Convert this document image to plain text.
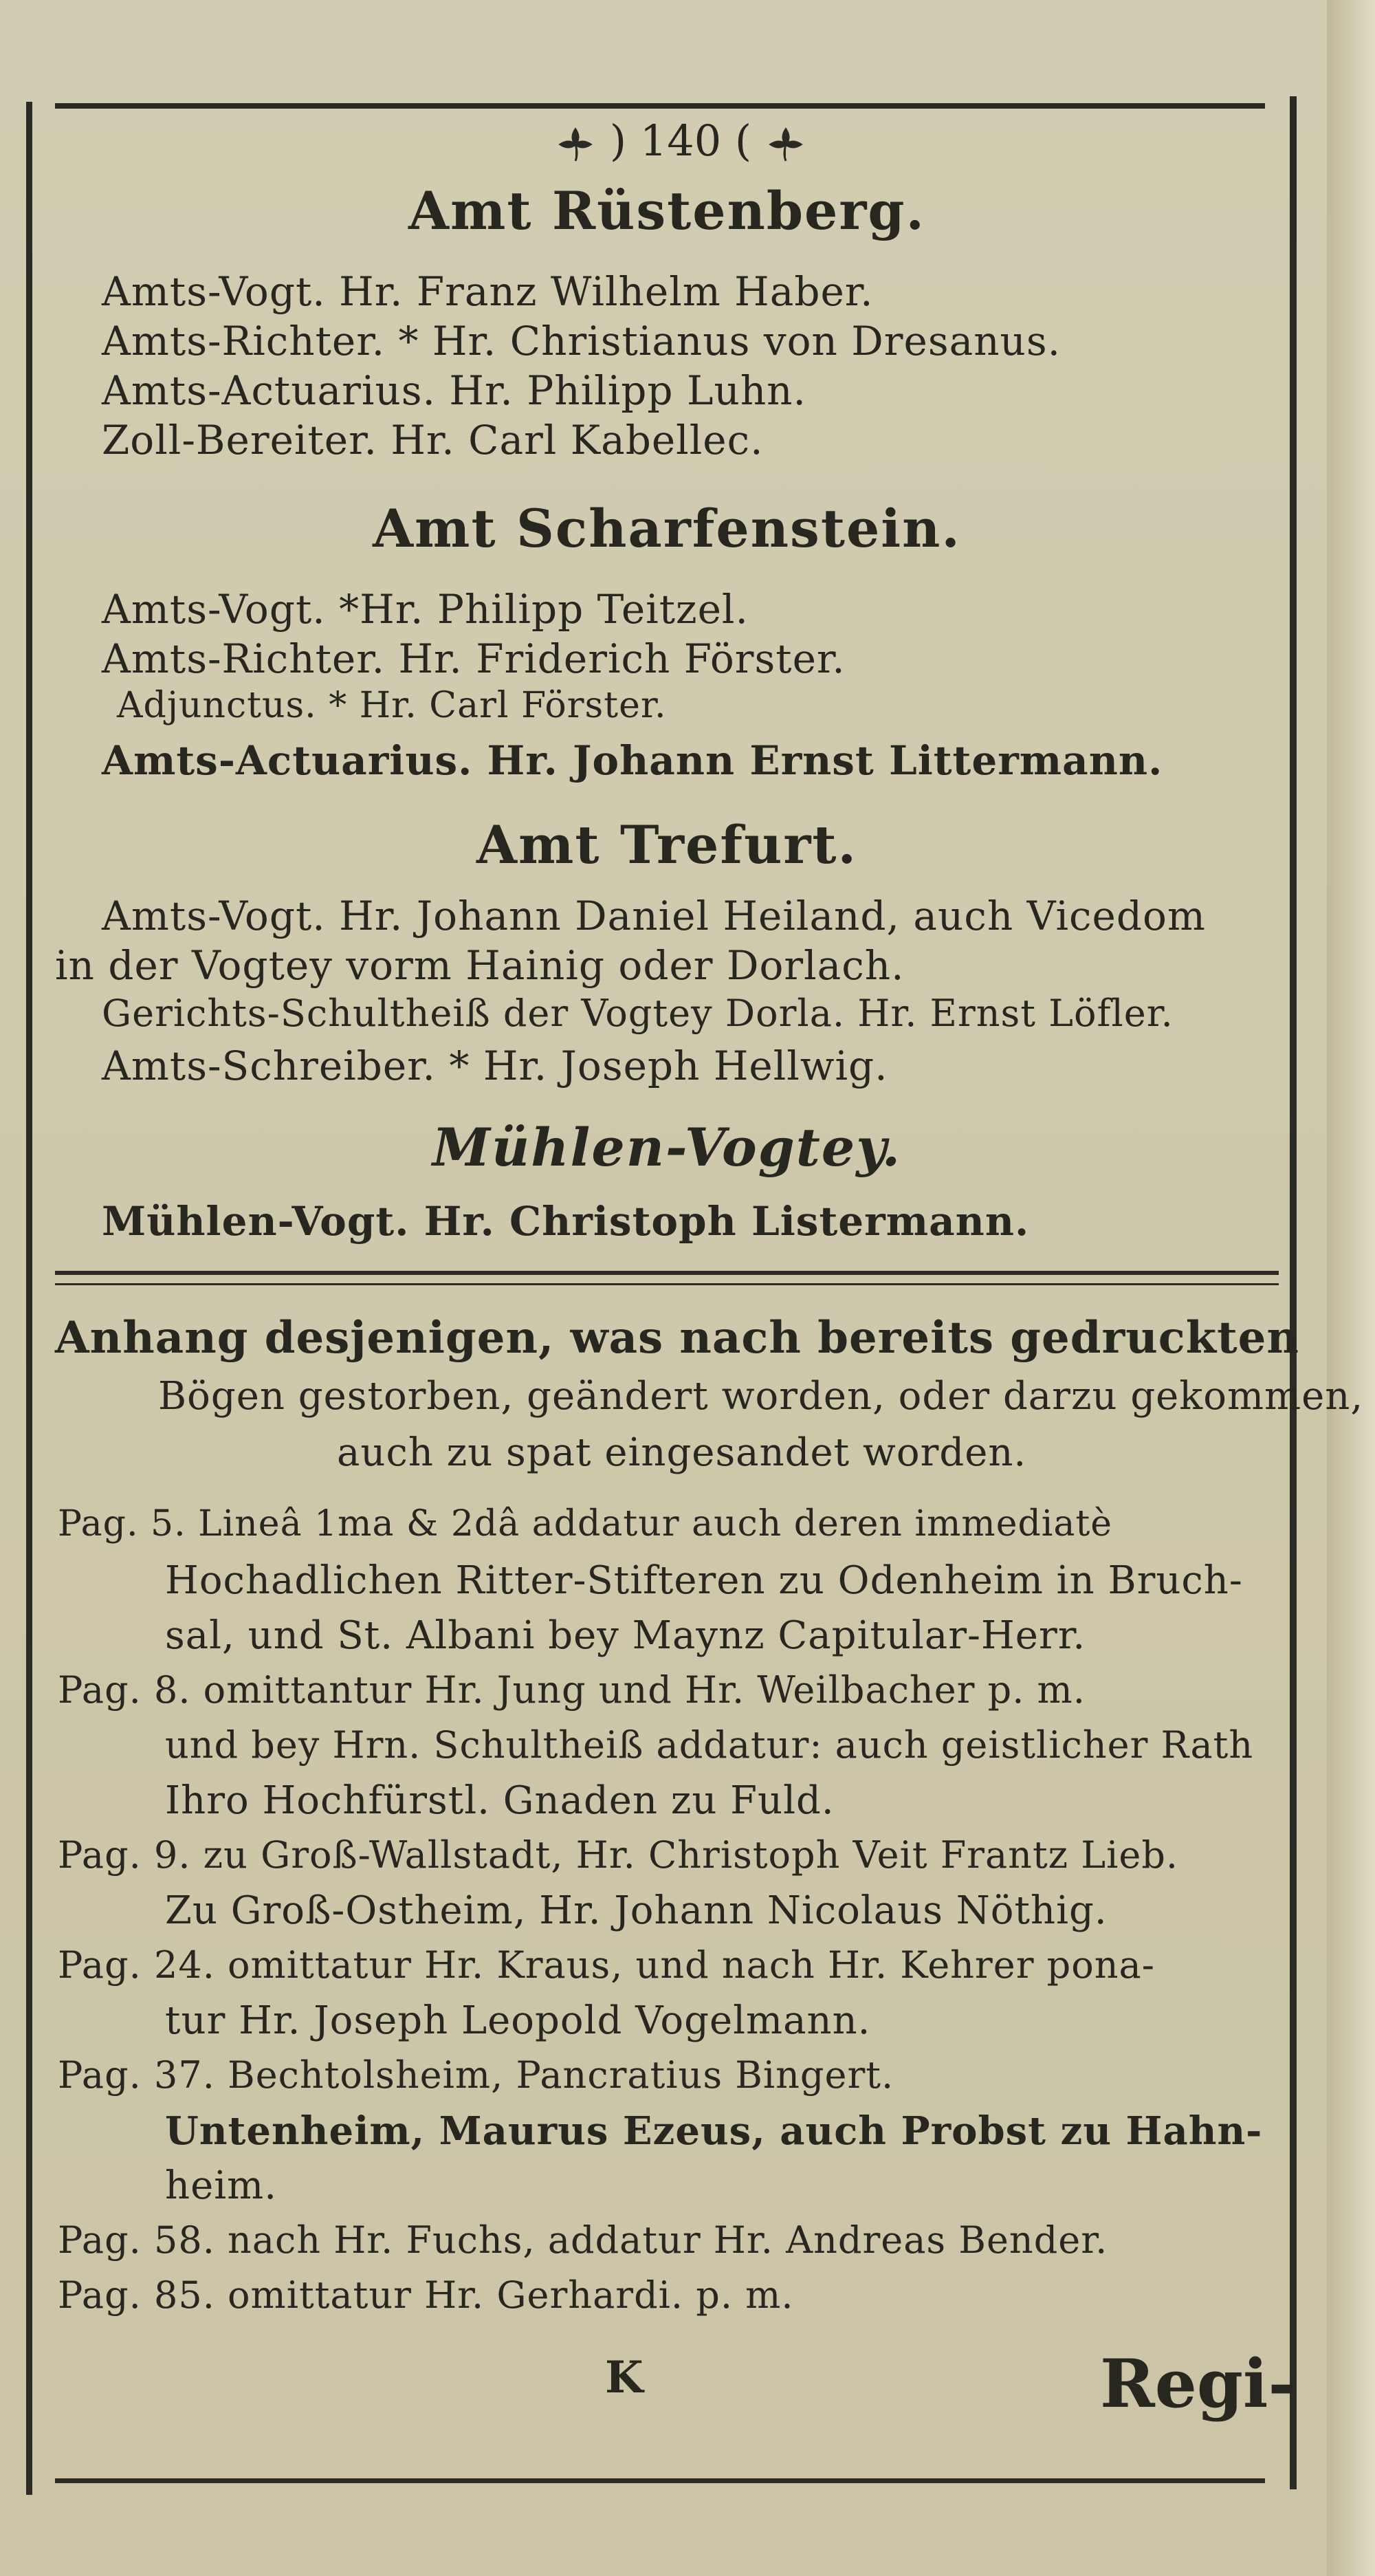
) 140 (
Amt Rüstenberg.
Amts-Vogt. Hr. Franz Wilhelm Haber.
Amts-Richter. * Hr. Christianus von Dresanus.
Amts-Actuarius. Hr. Philipp Luhn.
Zoll-Bereiter. Hr. Carl Kabellec.
Amt Scharfenstein.
Amts-Vogt. *Hr. Philipp Teitzel.
Amts-Richter. Hr. Friderich Förster.
Adjunctus. * Hr. Carl Förster.
Amts-Actuarius. Hr. Johann Ernst Littermann.
Amt Trefurt.
Amts-Vogt. Hr. Johann Daniel Heiland, auch Vicedom
in der Vogtey vorm Hainig oder Dorlach.
Gerichts-Schultheiß der Vogtey Dorla. Hr. Ernst Löfler.
Amts-Schreiber. * Hr. Joseph Hellwig.
Mühlen-Vogtey.
Mühlen-Vogt. Hr. Christoph Listermann.
Anhang desjenigen, was nach bereits gedruckten
Bögen gestorben, geändert worden, oder darzu gekommen,
auch zu spat eingesandet worden.
Pag. 5. Lineâ 1ma & 2dâ addatur auch deren immediatè
Hochadlichen Ritter-Stifteren zu Odenheim in Bruch-
sal, und St. Albani bey Maynz Capitular-Herr.
Pag. 8. omittantur Hr. Jung und Hr. Weilbacher p. m.
und bey Hrn. Schultheiß addatur: auch geistlicher Rath
Ihro Hochfürstl. Gnaden zu Fuld.
Pag. 9. zu Groß-Wallstadt, Hr. Christoph Veit Frantz Lieb.
Zu Groß-Ostheim, Hr. Johann Nicolaus Nöthig.
Pag. 24. omittatur Hr. Kraus, und nach Hr. Kehrer pona-
tur Hr. Joseph Leopold Vogelmann.
Pag. 37. Bechtolsheim, Pancratius Bingert.
Untenheim, Maurus Ezeus, auch Probst zu Hahn-
heim.
Pag. 58. nach Hr. Fuchs, addatur Hr. Andreas Bender.
Pag. 85. omittatur Hr. Gerhardi. p. m.
K	Regi-
